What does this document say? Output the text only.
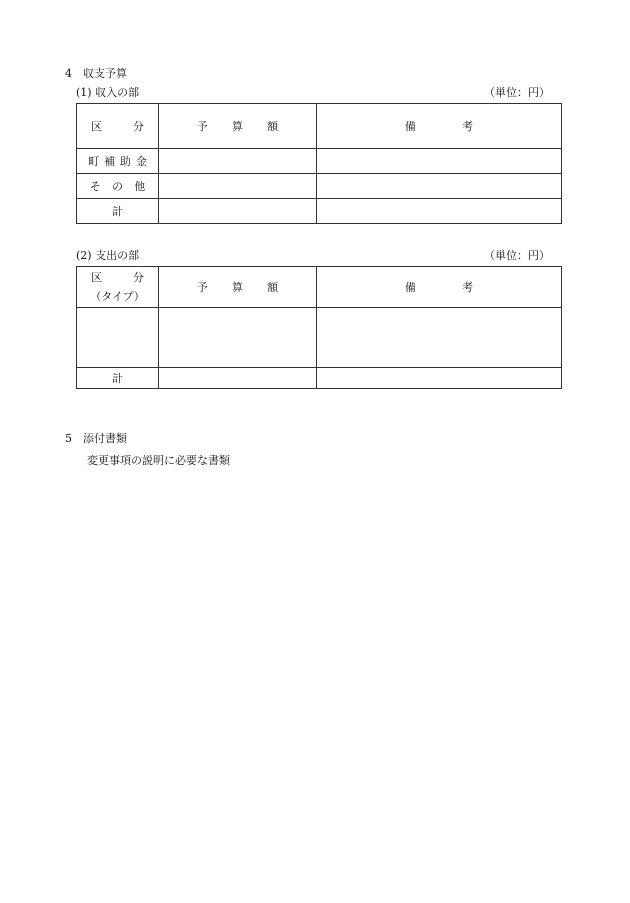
4　収支予算
(1) 収入の部	（単位：円）
区　分	予算額	備考
町補助金		
そ の 他		
計		
(2) 支出の部	（単位：円）
区　分
（タイプ）	予算額	備考

計		
5　添付書類
変更事項の説明に必要な書類
